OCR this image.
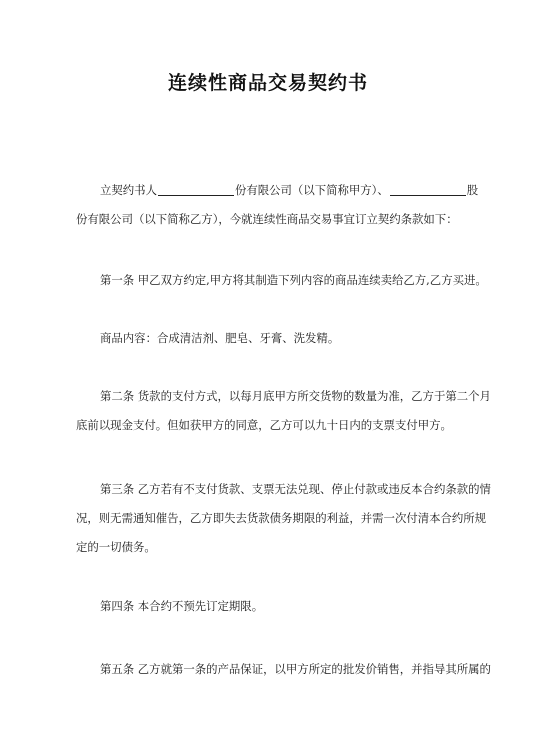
连续性商品交易契约书
立契约书人	份有限公司（以下简称甲方）、	股
份有限公司（以下简称乙方），今就连续性商品交易事宜订立契约条款如下：
第一条 甲乙双方约定,甲方将其制造下列内容的商品连续卖给乙方,乙方买进。
商品内容：合成清洁剂、肥皂、牙膏、洗发精。
第二条 货款的支付方式，以每月底甲方所交货物的数量为准，乙方于第二个月
底前以现金支付。但如获甲方的同意，乙方可以九十日内的支票支付甲方。
第三条 乙方若有不支付货款、支票无法兑现、停止付款或违反本合约条款的情
况，则无需通知催告，乙方即失去货款债务期限的利益，并需一次付清本合约所规
定的一切债务。
第四条 本合约不预先订定期限。
第五条 乙方就第一条的产品保证，以甲方所定的批发价销售，并指导其所属的
